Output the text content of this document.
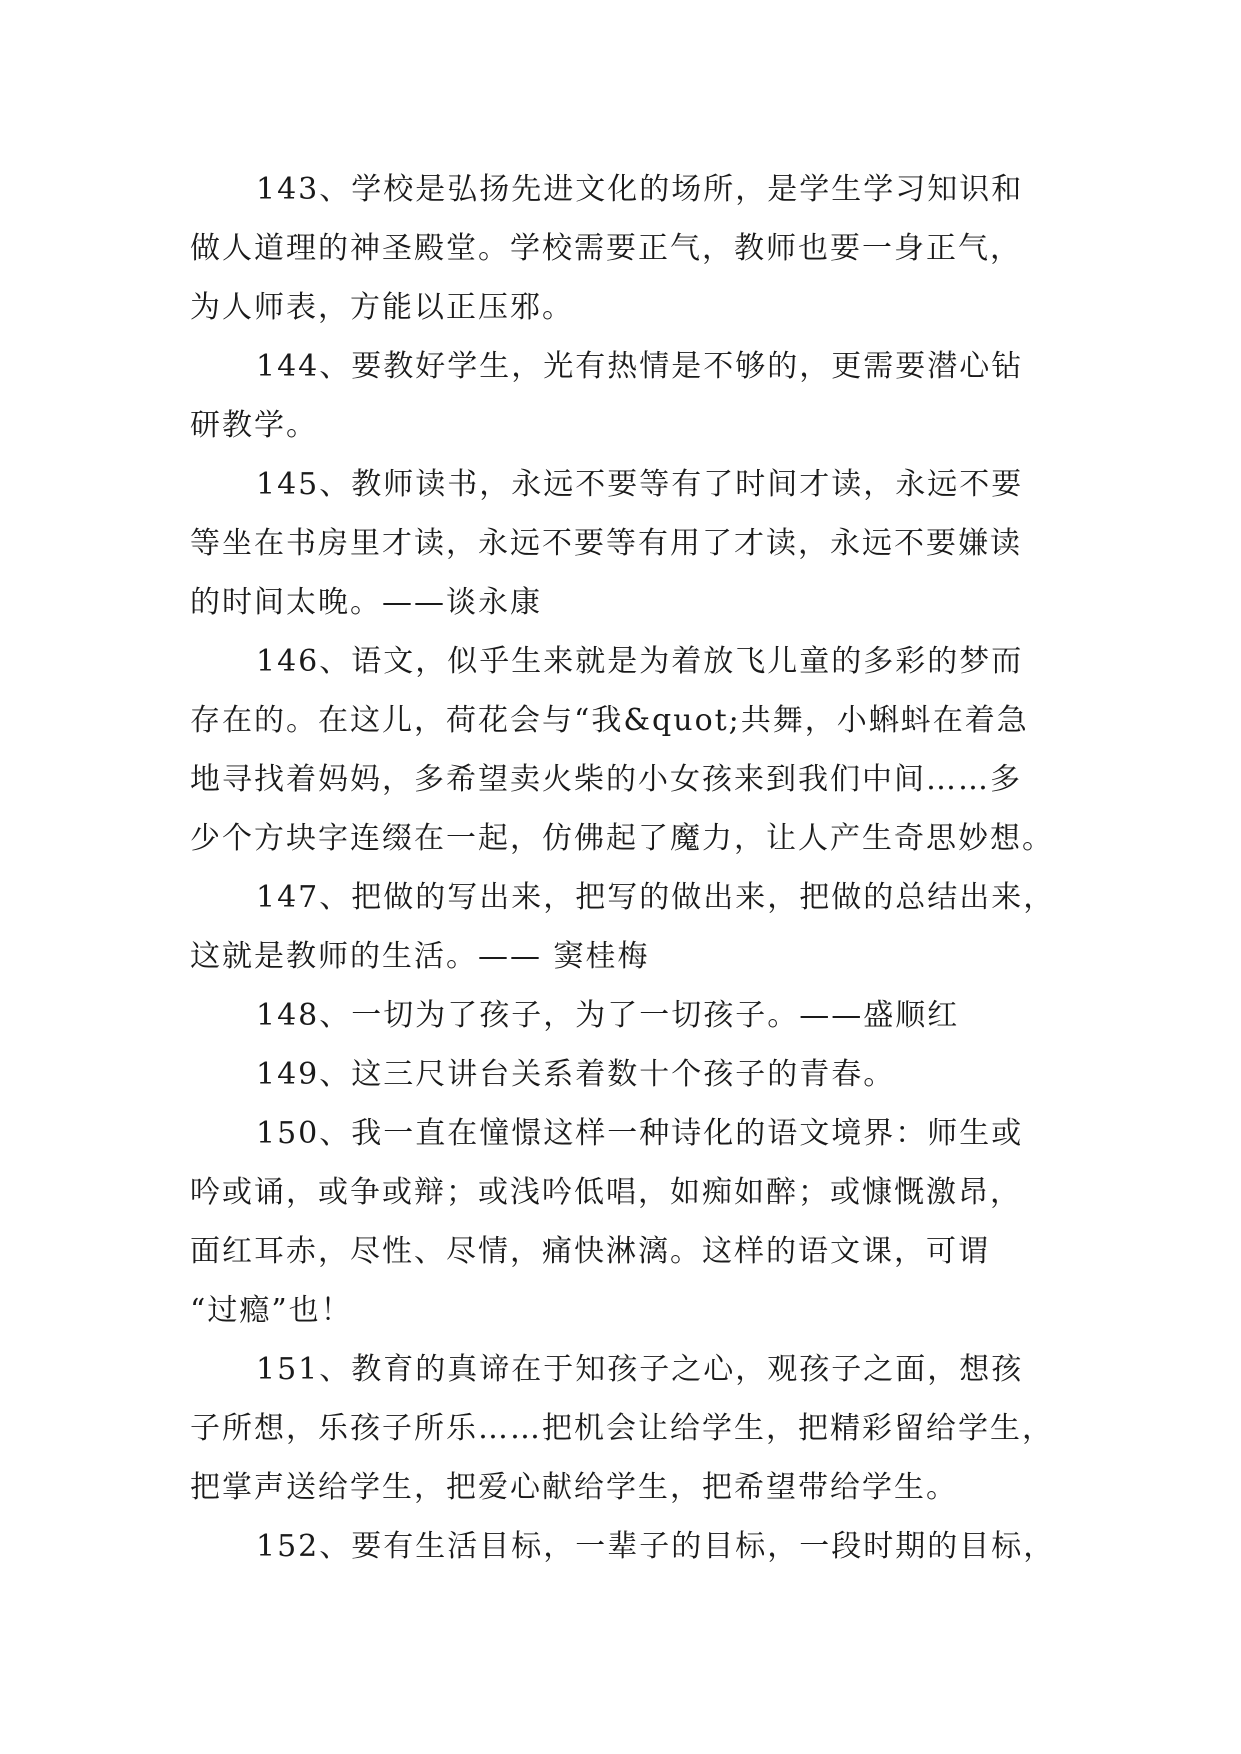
143、学校是弘扬先进文化的场所，是学生学习知识和
做人道理的神圣殿堂。学校需要正气，教师也要一身正气，
为人师表，方能以正压邪。
144、要教好学生，光有热情是不够的，更需要潜心钻
研教学。
145、教师读书，永远不要等有了时间才读，永远不要
等坐在书房里才读，永远不要等有用了才读，永远不要嫌读
的时间太晚。——谈永康
146、语文，似乎生来就是为着放飞儿童的多彩的梦而
存在的。在这儿，荷花会与“我&quot;共舞，小蝌蚪在着急
地寻找着妈妈，多希望卖火柴的小女孩来到我们中间……多
少个方块字连缀在一起，仿佛起了魔力，让人产生奇思妙想。
147、把做的写出来，把写的做出来，把做的总结出来，
这就是教师的生活。—— 窦桂梅
148、一切为了孩子，为了一切孩子。——盛顺红
149、这三尺讲台关系着数十个孩子的青春。
150、我一直在憧憬这样一种诗化的语文境界：师生或
吟或诵，或争或辩；或浅吟低唱，如痴如醉；或慷慨激昂，
面红耳赤，尽性、尽情，痛快淋漓。这样的语文课，可谓
“过瘾”也！
151、教育的真谛在于知孩子之心，观孩子之面，想孩
子所想，乐孩子所乐……把机会让给学生，把精彩留给学生，
把掌声送给学生，把爱心献给学生，把希望带给学生。
152、要有生活目标，一辈子的目标，一段时期的目标，
